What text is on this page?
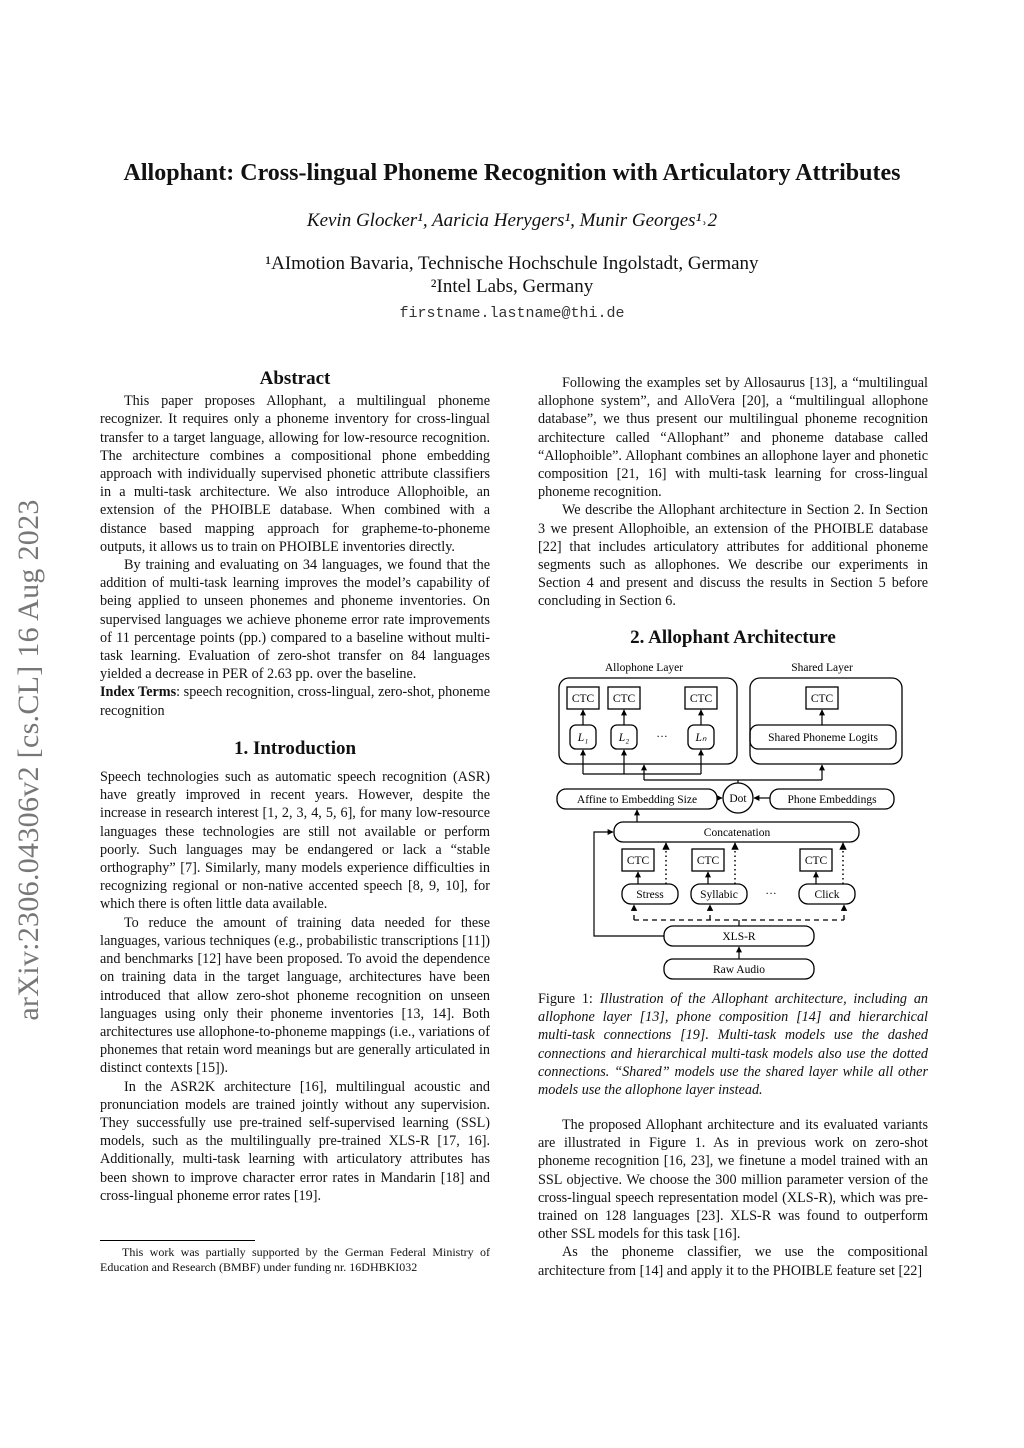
arXiv:2306.04306v2 [cs.CL] 16 Aug 2023
Allophant: Cross-lingual Phoneme Recognition with Articulatory Attributes
Kevin Glocker¹, Aaricia Herygers¹, Munir Georges¹˒2
¹AImotion Bavaria, Technische Hochschule Ingolstadt, Germany
²Intel Labs, Germany
firstname.lastname@thi.de
Abstract

This paper proposes Allophant, a multilingual phoneme recognizer. It requires only a phoneme inventory for cross-lingual transfer to a target language, allowing for low-resource recognition. The architecture combines a compositional phone embedding approach with individually supervised phonetic attribute classifiers in a multi-task architecture. We also introduce Allophoible, an extension of the PHOIBLE database. When combined with a distance based mapping approach for grapheme-to-phoneme outputs, it allows us to train on PHOIBLE inventories directly.

By training and evaluating on 34 languages, we found that the addition of multi-task learning improves the model’s capability of being applied to unseen phonemes and phoneme inventories. On supervised languages we achieve phoneme error rate improvements of 11 percentage points (pp.) compared to a baseline without multi-task learning. Evaluation of zero-shot transfer on 84 languages yielded a decrease in PER of 2.63 pp. over the baseline.

Index Terms: speech recognition, cross-lingual, zero-shot, phoneme recognition

1. Introduction

Speech technologies such as automatic speech recognition (ASR) have greatly improved in recent years. However, despite the increase in research interest [1, 2, 3, 4, 5, 6], for many low-resource languages these technologies are still not available or perform poorly. Such languages may be endangered or lack a “stable orthography” [7]. Similarly, many models experience difficulties in recognizing regional or non-native accented speech [8, 9, 10], for which there is often little data available.

To reduce the amount of training data needed for these languages, various techniques (e.g., probabilistic transcriptions [11]) and benchmarks [12] have been proposed. To avoid the dependence on training data in the target language, architectures have been introduced that allow zero-shot phoneme recognition on unseen languages using only their phoneme inventories [13, 14]. Both architectures use allophone-to-phoneme mappings (i.e., variations of phonemes that retain word meanings but are generally articulated in distinct contexts [15]).

In the ASR2K architecture [16], multilingual acoustic and pronunciation models are trained jointly without any supervision. They successfully use pre-trained self-supervised learning (SSL) models, such as the multilingually pre-trained XLS-R [17, 16]. Additionally, multi-task learning with articulatory attributes has been shown to improve character error rates in Mandarin [18] and cross-lingual phoneme error rates [19].

This work was partially supported by the German Federal Ministry of Education and Research (BMBF) under funding nr. 16DHBKI032

Following the examples set by Allosaurus [13], a “multilingual allophone system”, and AlloVera [20], a “multilingual allophone database”, we thus present our multilingual phoneme recognition architecture called “Allophant” and phoneme database called “Allophoible”. Allophant combines an allophone layer and phonetic composition [21, 16] with multi-task learning for cross-lingual phoneme recognition.

We describe the Allophant architecture in Section 2. In Section 3 we present Allophoible, an extension of the PHOIBLE database [22] that includes articulatory attributes for additional phoneme segments such as allophones. We describe our experiments in Section 4 and present and discuss the results in Section 5 before concluding in Section 6.

2. Allophant Architecture
Allophone Layer	Shared Layer
CTC CTC	CTC	CTC
L₁	L₂ ··· Lₙ	Shared Phoneme Logits
Affine to Embedding Size	Dot	Phone Embeddings
Concatenation
CTC	CTC	CTC
Stress	Syllabic ···	Click
XLS-R
Raw Audio
Figure 1: Illustration of the Allophant architecture, including an allophone layer [13], phone composition [14] and hierarchical multi-task connections [19]. Multi-task models use the dashed connections and hierarchical multi-task models also use the dotted connections. “Shared” models use the shared layer while all other models use the allophone layer instead.

The proposed Allophant architecture and its evaluated variants are illustrated in Figure 1. As in previous work on zero-shot phoneme recognition [16, 23], we finetune a model trained with an SSL objective. We choose the 300 million parameter version of the cross-lingual speech representation model (XLS-R), which was pre-trained on 128 languages [23]. XLS-R was found to outperform other SSL models for this task [16].

As the phoneme classifier, we use the compositional architecture from [14] and apply it to the PHOIBLE feature set [22]
